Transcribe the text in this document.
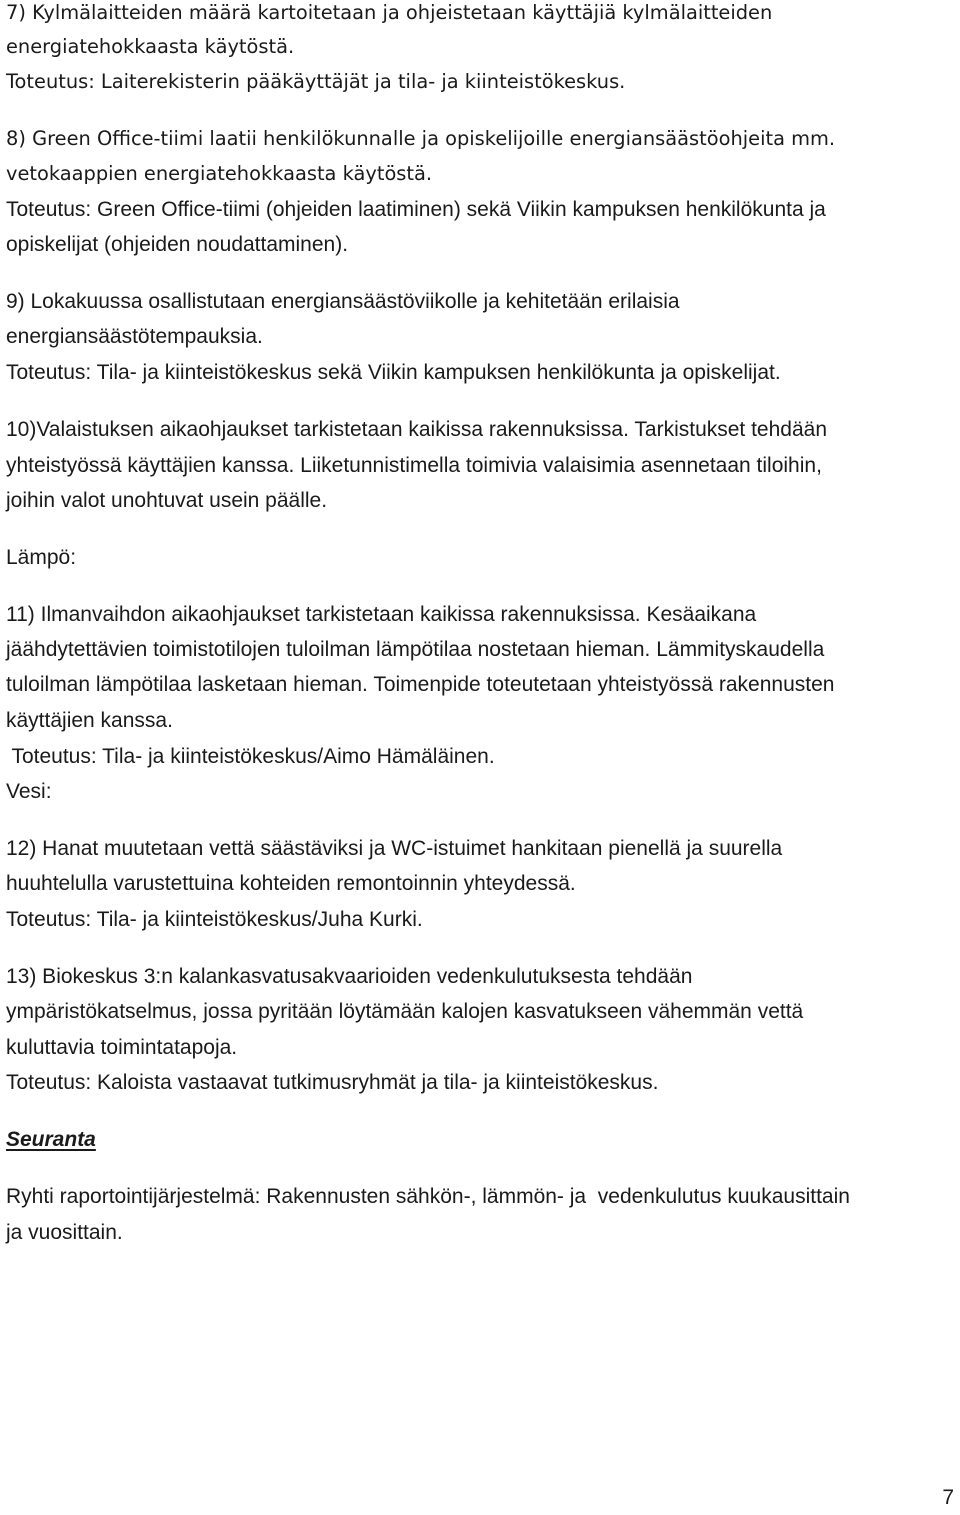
7) Kylmälaitteiden määrä kartoitetaan ja ohjeistetaan käyttäjiä kylmälaitteiden
energiatehokkaasta käytöstä.
Toteutus: Laiterekisterin pääkäyttäjät ja tila- ja kiinteistökeskus.
8) Green Office-tiimi laatii henkilökunnalle ja opiskelijoille energiansäästöohjeita mm.
vetokaappien energiatehokkaasta käytöstä.
Toteutus: Green Office-tiimi (ohjeiden laatiminen) sekä Viikin kampuksen henkilökunta ja
opiskelijat (ohjeiden noudattaminen).
9) Lokakuussa osallistutaan energiansäästöviikolle ja kehitetään erilaisia
energiansäästötempauksia.
Toteutus: Tila- ja kiinteistökeskus sekä Viikin kampuksen henkilökunta ja opiskelijat.
10)Valaistuksen aikaohjaukset tarkistetaan kaikissa rakennuksissa. Tarkistukset tehdään
yhteistyössä käyttäjien kanssa. Liiketunnistimella toimivia valaisimia asennetaan tiloihin,
joihin valot unohtuvat usein päälle.
Lämpö:
11) Ilmanvaihdon aikaohjaukset tarkistetaan kaikissa rakennuksissa. Kesäaikana
jäähdytettävien toimistotilojen tuloilman lämpötilaa nostetaan hieman. Lämmityskaudella
tuloilman lämpötilaa lasketaan hieman. Toimenpide toteutetaan yhteistyössä rakennusten
käyttäjien kanssa.
Toteutus: Tila- ja kiinteistökeskus/Aimo Hämäläinen.
Vesi:
12) Hanat muutetaan vettä säästäviksi ja WC-istuimet hankitaan pienellä ja suurella
huuhtelulla varustettuina kohteiden remontoinnin yhteydessä.
Toteutus: Tila- ja kiinteistökeskus/Juha Kurki.
13) Biokeskus 3:n kalankasvatusakvaarioiden vedenkulutuksesta tehdään
ympäristökatselmus, jossa pyritään löytämään kalojen kasvatukseen vähemmän vettä
kuluttavia toimintatapoja.
Toteutus: Kaloista vastaavat tutkimusryhmät ja tila- ja kiinteistökeskus.
Seuranta
Ryhti raportointijärjestelmä: Rakennusten sähkön-, lämmön- ja  vedenkulutus kuukausittain
ja vuosittain.
7
